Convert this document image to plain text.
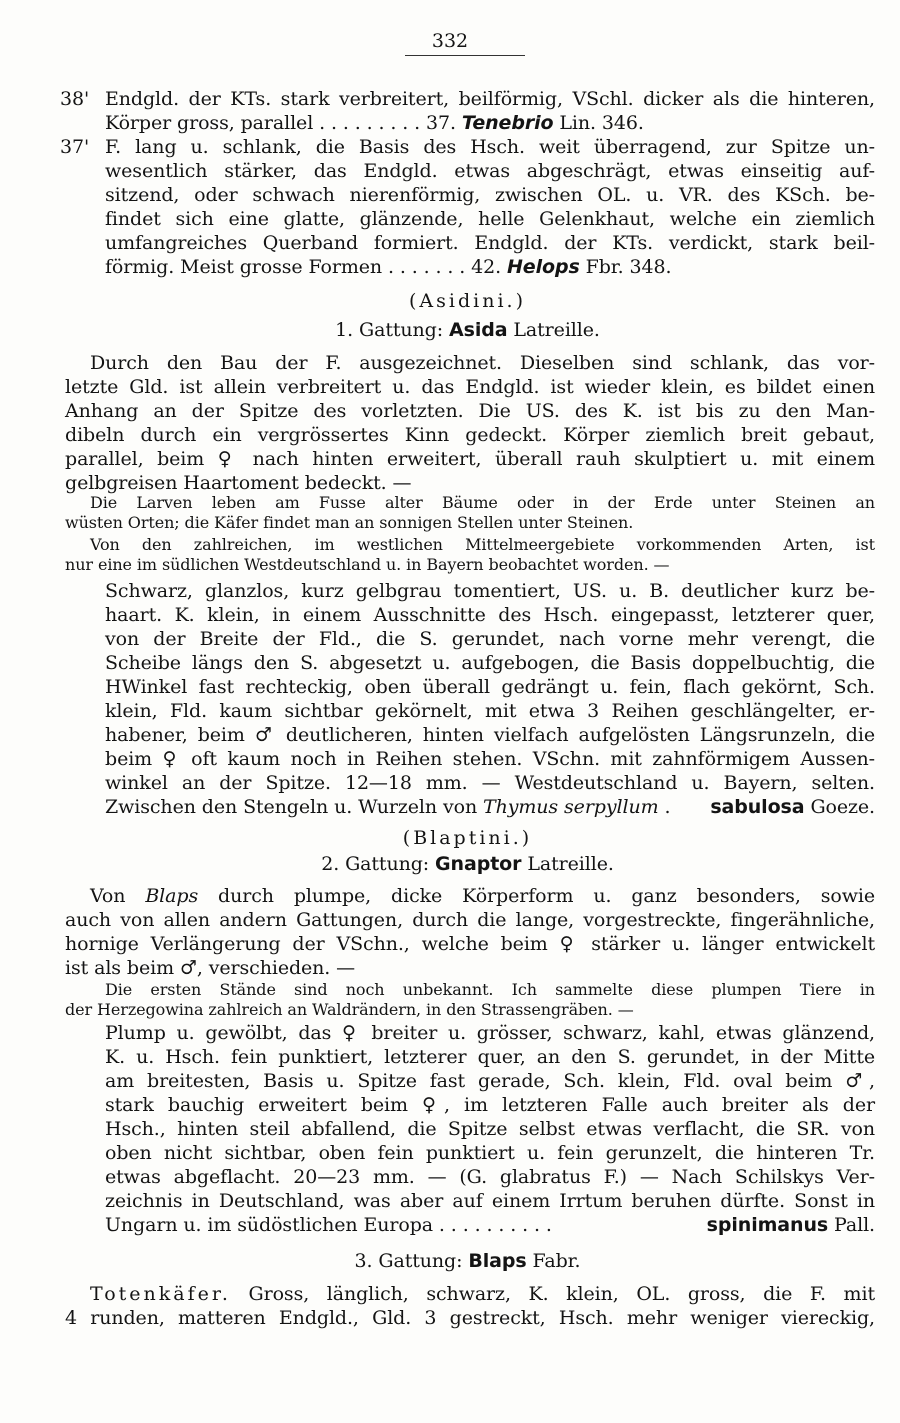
332
38' Endgld. der KTs. stark verbreitert, beilförmig, VSchl. dicker als die hinteren,
Körper gross, parallel . . . . . . . . . 37. Tenebrio Lin. 346.
37' F. lang u. schlank, die Basis des Hsch. weit überragend, zur Spitze un-
wesentlich stärker, das Endgld. etwas abgeschrägt, etwas einseitig auf-
sitzend, oder schwach nierenförmig, zwischen OL. u. VR. des KSch. be-
findet sich eine glatte, glänzende, helle Gelenkhaut, welche ein ziemlich
umfangreiches Querband formiert. Endgld. der KTs. verdickt, stark beil-
förmig. Meist grosse Formen . . . . . . . 42. Helops Fbr. 348.
(Asidini.)
1. Gattung: Asida Latreille.
Durch den Bau der F. ausgezeichnet. Dieselben sind schlank, das vor-
letzte Gld. ist allein verbreitert u. das Endgld. ist wieder klein, es bildet einen
Anhang an der Spitze des vorletzten. Die US. des K. ist bis zu den Man-
dibeln durch ein vergrössertes Kinn gedeckt. Körper ziemlich breit gebaut,
parallel, beim ♀ nach hinten erweitert, überall rauh skulptiert u. mit einem
gelbgreisen Haartoment bedeckt. —
Die Larven leben am Fusse alter Bäume oder in der Erde unter Steinen an
wüsten Orten; die Käfer findet man an sonnigen Stellen unter Steinen.
Von den zahlreichen, im westlichen Mittelmeergebiete vorkommenden Arten, ist
nur eine im südlichen Westdeutschland u. in Bayern beobachtet worden. —
Schwarz, glanzlos, kurz gelbgrau tomentiert, US. u. B. deutlicher kurz be-
haart. K. klein, in einem Ausschnitte des Hsch. eingepasst, letzterer quer,
von der Breite der Fld., die S. gerundet, nach vorne mehr verengt, die
Scheibe längs den S. abgesetzt u. aufgebogen, die Basis doppelbuchtig, die
HWinkel fast rechteckig, oben überall gedrängt u. fein, flach gekörnt, Sch.
klein, Fld. kaum sichtbar gekörnelt, mit etwa 3 Reihen geschlängelter, er-
habener, beim ♂ deutlicheren, hinten vielfach aufgelösten Längsrunzeln, die
beim ♀ oft kaum noch in Reihen stehen. VSchn. mit zahnförmigem Aussen-
winkel an der Spitze. 12—18 mm. — Westdeutschland u. Bayern, selten.
Zwischen den Stengeln u. Wurzeln von Thymus serpyllum .	sabulosa Goeze.
(Blaptini.)
2. Gattung: Gnaptor Latreille.
Von Blaps durch plumpe, dicke Körperform u. ganz besonders, sowie
auch von allen andern Gattungen, durch die lange, vorgestreckte, fingerähnliche,
hornige Verlängerung der VSchn., welche beim ♀ stärker u. länger entwickelt
ist als beim ♂, verschieden. —
Die ersten Stände sind noch unbekannt. Ich sammelte diese plumpen Tiere in
der Herzegowina zahlreich an Waldrändern, in den Strassengräben. —
Plump u. gewölbt, das ♀ breiter u. grösser, schwarz, kahl, etwas glänzend,
K. u. Hsch. fein punktiert, letzterer quer, an den S. gerundet, in der Mitte
am breitesten, Basis u. Spitze fast gerade, Sch. klein, Fld. oval beim ♂,
stark bauchig erweitert beim ♀, im letzteren Falle auch breiter als der
Hsch., hinten steil abfallend, die Spitze selbst etwas verflacht, die SR. von
oben nicht sichtbar, oben fein punktiert u. fein gerunzelt, die hinteren Tr.
etwas abgeflacht. 20—23 mm. — (G. glabratus F.) — Nach Schilskys Ver-
zeichnis in Deutschland, was aber auf einem Irrtum beruhen dürfte. Sonst in
Ungarn u. im südöstlichen Europa . . . . . . . . . .	spinimanus Pall.
3. Gattung: Blaps Fabr.
Totenkäfer. Gross, länglich, schwarz, K. klein, OL. gross, die F. mit
4 runden, matteren Endgld., Gld. 3 gestreckt, Hsch. mehr weniger viereckig,
